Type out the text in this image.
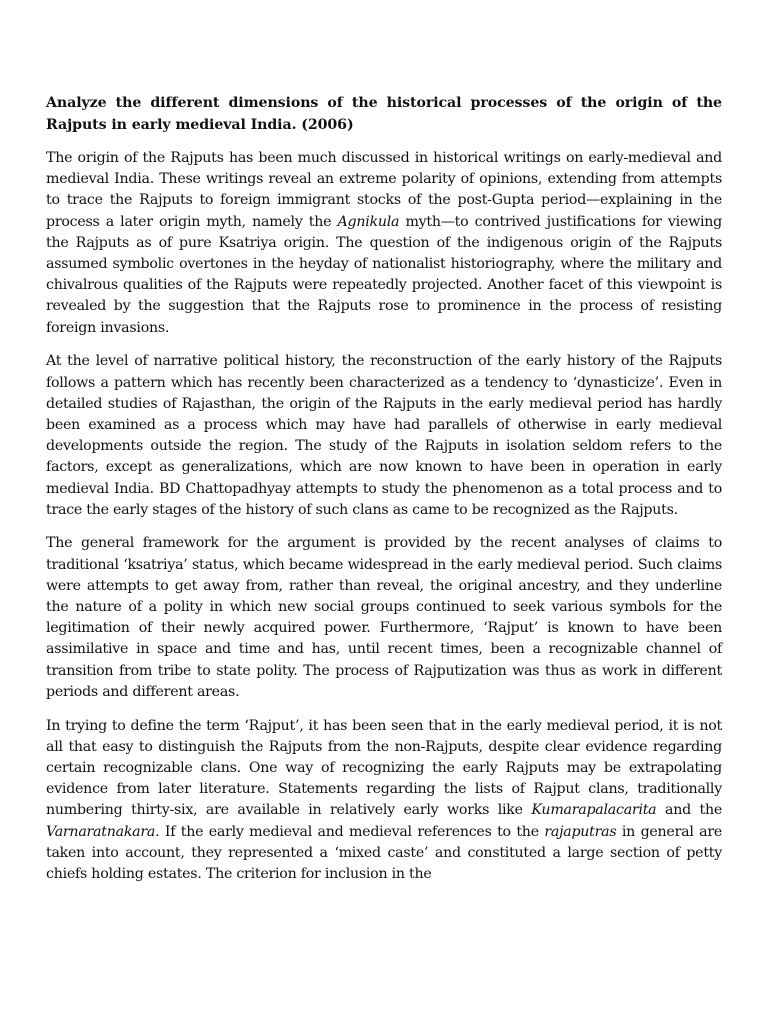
Analyze the different dimensions of the historical processes of the origin of the Rajputs in early medieval India. (2006)

The origin of the Rajputs has been much discussed in historical writings on early-medieval and medieval India. These writings reveal an extreme polarity of opinions, extending from attempts to trace the Rajputs to foreign immigrant stocks of the post-Gupta period—explaining in the process a later origin myth, namely the Agnikula myth—to contrived justifications for viewing the Rajputs as of pure Ksatriya origin. The question of the indigenous origin of the Rajputs assumed symbolic overtones in the heyday of nationalist historiography, where the military and chivalrous qualities of the Rajputs were repeatedly projected. Another facet of this viewpoint is revealed by the suggestion that the Rajputs rose to prominence in the process of resisting foreign invasions.

At the level of narrative political history, the reconstruction of the early history of the Rajputs follows a pattern which has recently been characterized as a tendency to ‘dynasticize’. Even in detailed studies of Rajasthan, the origin of the Rajputs in the early medieval period has hardly been examined as a process which may have had parallels of otherwise in early medieval developments outside the region. The study of the Rajputs in isolation seldom refers to the factors, except as generalizations, which are now known to have been in operation in early medieval India. BD Chattopadhyay attempts to study the phenomenon as a total process and to trace the early stages of the history of such clans as came to be recognized as the Rajputs.

The general framework for the argument is provided by the recent analyses of claims to traditional ‘ksatriya’ status, which became widespread in the early medieval period. Such claims were attempts to get away from, rather than reveal, the original ancestry, and they underline the nature of a polity in which new social groups continued to seek various symbols for the legitimation of their newly acquired power. Furthermore, ‘Rajput’ is known to have been assimilative in space and time and has, until recent times, been a recognizable channel of transition from tribe to state polity. The process of Rajputization was thus as work in different periods and different areas.

In trying to define the term ‘Rajput’, it has been seen that in the early medieval period, it is not all that easy to distinguish the Rajputs from the non-Rajputs, despite clear evidence regarding certain recognizable clans. One way of recognizing the early Rajputs may be extrapolating evidence from later literature. Statements regarding the lists of Rajput clans, traditionally numbering thirty-six, are available in relatively early works like Kumarapalacarita and the Varnaratnakara. If the early medieval and medieval references to the rajaputras in general are taken into account, they represented a ‘mixed caste’ and constituted a large section of petty chiefs holding estates. The criterion for inclusion in the
